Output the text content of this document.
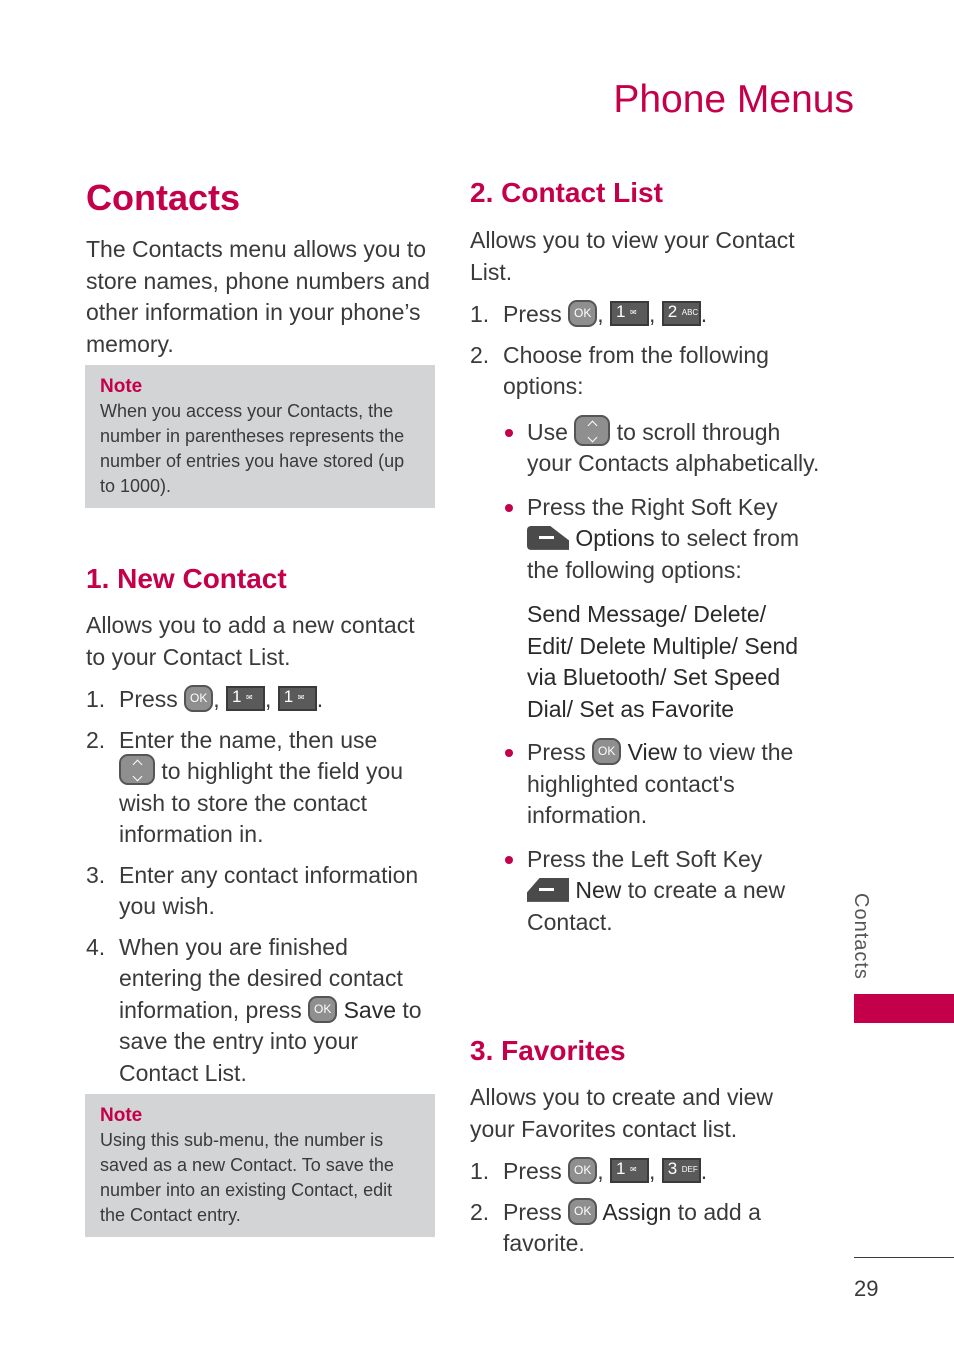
Phone Menus
Contacts

The Contacts menu allows you to store names, phone numbers and other information in your phone’s memory.

Note
When you access your Contacts, the number in parentheses represents the number of entries you have stored (up to 1000).
1. New Contact

Allows you to add a new contact to your Contact List.

1. Press OK , 1 ✉ , 1 ✉ .
2. Enter the name, then use

to highlight the field you wish to store the contact information in.
3. Enter any contact information you wish.
4. When you are finished entering the desired contact information, press OK Save to save the entry into your Contact List.
Note
Using this sub-menu, the number is saved as a new Contact. To save the number into an existing Contact, edit the Contact entry.
2. Contact List

Allows you to view your Contact List.

1. Press OK , 1 ✉ , 2 ABC .
2. Choose from the following options:
Use to scroll through your Contacts alphabetically.
Press the Right Soft Key

Options to select from the following options:

Send Message/ Delete/ Edit/ Delete Multiple/ Send via Bluetooth/ Set Speed Dial/ Set as Favorite

Press OK View to view the highlighted contact's information.
Press the Left Soft Key

New to create a new Contact.
3. Favorites

Allows you to create and view your Favorites contact list.

1. Press OK , 1 ✉ , 3 DEF .
2. Press OK Assign to add a favorite.
Contacts
29
